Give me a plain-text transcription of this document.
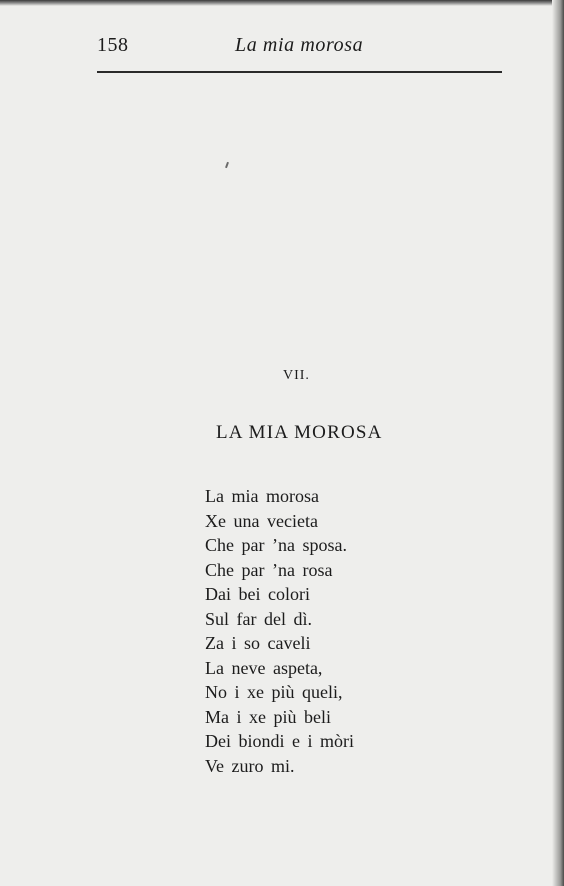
158	La mia morosa
VII.
LA MIA MOROSA
La mia morosa
Xe una vecieta
Che par ’na sposa.
Che par ’na rosa
Dai bei colori
Sul far del dì.
Za i so caveli
La neve aspeta,
No i xe più queli,
Ma i xe più beli
Dei biondi e i mòri
Ve zuro mi.
